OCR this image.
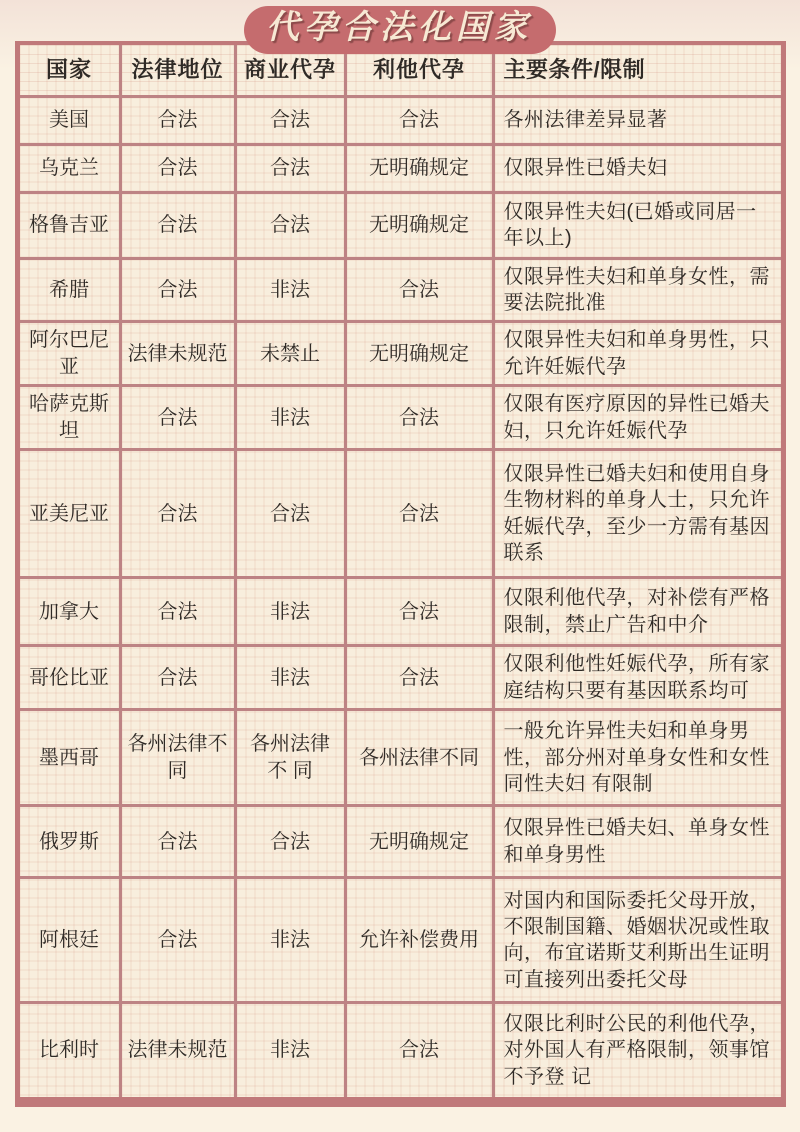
代孕合法化国家
国家	法律地位	商业代孕	利他代孕	主要条件/限制
美国	合法	合法	合法	各州法律差异显著
乌克兰	合法	合法	无明确规定	仅限异性已婚夫妇
格鲁吉亚	合法	合法	无明确规定	仅限异性夫妇(已婚或同居一年以上)
希腊	合法	非法	合法	仅限异性夫妇和单身女性，需要法院批准
阿尔巴尼亚	法律未规范	未禁止	无明确规定	仅限异性夫妇和单身男性，只允许妊娠代孕
哈萨克斯坦	合法	非法	合法	仅限有医疗原因的异性已婚夫妇，只允许妊娠代孕
亚美尼亚	合法	合法	合法	仅限异性已婚夫妇和使用自身生物材料的单身人士，只允许妊娠代孕，至少一方需有基因联系
加拿大	合法	非法	合法	仅限利他代孕，对补偿有严格限制，禁止广告和中介
哥伦比亚	合法	非法	合法	仅限利他性妊娠代孕，所有家庭结构只要有基因联系均可
墨西哥	各州法律不同	各州法律不 同	各州法律不同	一般允许异性夫妇和单身男性，部分州对单身女性和女性同性夫妇 有限制
俄罗斯	合法	合法	无明确规定	仅限异性已婚夫妇、单身女性和单身男性
阿根廷	合法	非法	允许补偿费用	对国内和国际委托父母开放，不限制国籍、婚姻状况或性取向，布宜诺斯艾利斯出生证明可直接列出委托父母
比利时	法律未规范	非法	合法	仅限比利时公民的利他代孕，对外国人有严格限制，领事馆不予登 记
